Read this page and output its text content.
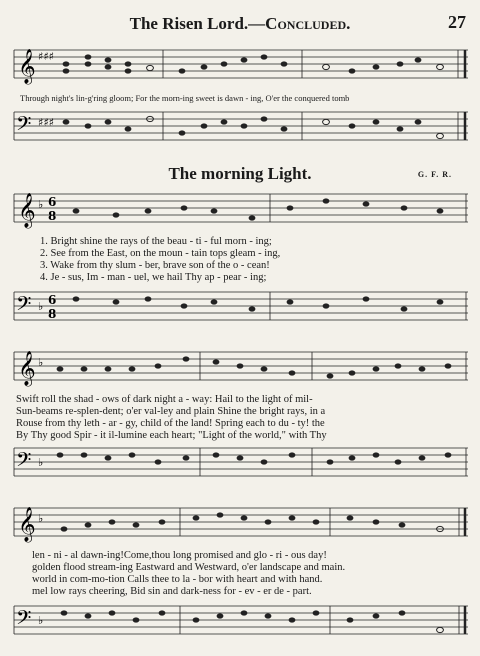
The Risen Lord.—Concluded.	27
𝄞 ♯♯♯
Through night's lin-g'ring gloom; For the morn-ing sweet is dawn - ing, O'er the conquered tomb
𝄢 ♯♯♯
The morning Light.	G. F. R.
𝄞 ♭ 6
8
1. Bright shine the rays of the beau - ti - ful morn - ing;
2. See from the East, on the moun - tain tops gleam - ing,
3. Wake from thy slum - ber, brave son of the o - cean!
4. Je - sus, Im - man - uel, we hail Thy ap - pear - ing;
𝄢 ♭ 6
8
𝄞 ♭
Swift roll the shad - ows of dark night a - way: Hail to the light of mil-
Sun-beams re-splen-dent; o'er val-ley and plain Shine the bright rays, in a
Rouse from thy leth - ar - gy, child of the land! Spring each to du - ty! the
By Thy good Spir - it il-lumine each heart; "Light of the world," with Thy
𝄢 ♭
𝄞 ♭
len - ni - al dawn-ing!Come,thou long promised and glo - ri - ous day!
golden flood stream-ing Eastward and Westward, o'er landscape and main.
world in com-mo-tion Calls thee to la - bor with heart and with hand.
mel low rays cheering, Bid sin and dark-ness for - ev - er de - part.
𝄢 ♭
